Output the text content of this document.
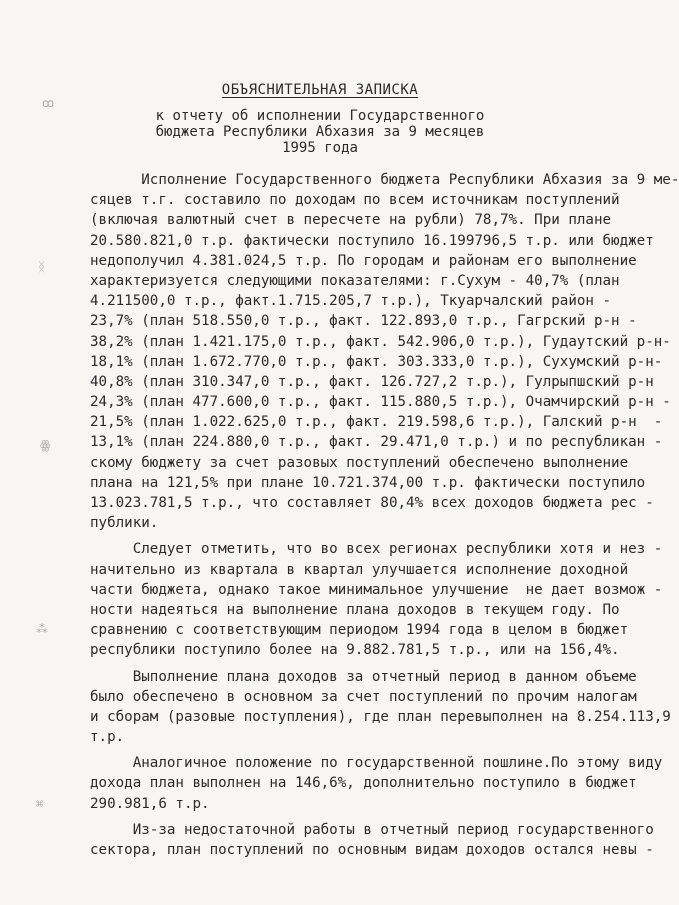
ꝏ
ᛝ
ꙮ
⁂
⌘
ОБЪЯСНИТЕЛЬНАЯ ЗАПИСКА
к отчету об исполнении Государственного
бюджета Республики Абхазия за 9 месяцев
1995 года
Исполнение Государственного бюджета Республики Абхазия за 9 ме-
сяцев т.г. составило по доходам по всем источникам поступлений
(включая валютный счет в пересчете на рубли) 78,7%. При плане
20.580.821,0 т.р. фактически поступило 16.199796,5 т.р. или бюджет
недополучил 4.381.024,5 т.р. По городам и районам его выполнение
характеризуется следующими показателями: г.Сухум - 40,7% (план
4.211500,0 т.р., факт.1.715.205,7 т.р.), Ткуарчалский район -
23,7% (план 518.550,0 т.р., факт. 122.893,0 т.р., Гагрский р-н -
38,2% (план 1.421.175,0 т.р., факт. 542.906,0 т.р.), Гудаутский р-н-
18,1% (план 1.672.770,0 т.р., факт. 303.333,0 т.р.), Сухумский р-н-
40,8% (план 310.347,0 т.р., факт. 126.727,2 т.р.), Гулрыпшский р-н
24,3% (план 477.600,0 т.р., факт. 115.880,5 т.р.), Очамчирский р-н -
21,5% (план 1.022.625,0 т.р., факт. 219.598,6 т.р.), Галский р-н  -
13,1% (план 224.880,0 т.р., факт. 29.471,0 т.р.) и по республикан -
скому бюджету за счет разовых поступлений обеспечено выполнение
плана на 121,5% при плане 10.721.374,00 т.р. фактически поступило
13.023.781,5 т.р., что составляет 80,4% всех доходов бюджета рес -
публики.
Следует отметить, что во всех регионах республики хотя и нез -
начительно из квартала в квартал улучшается исполнение доходной
части бюджета, однако такое минимальное улучшение  не дает возмож -
ности надеяться на выполнение плана доходов в текущем году. По
сравнению с соответствующим периодом 1994 года в целом в бюджет
республики поступило более на 9.882.781,5 т.р., или на 156,4%.
Выполнение плана доходов за отчетный период в данном объеме
было обеспечено в основном за счет поступлений по прочим налогам
и сборам (разовые поступления), где план перевыполнен на 8.254.113,9
т.р.
Аналогичное положение по государственной пошлине.По этому виду
дохода план выполнен на 146,6%, дополнительно поступило в бюджет
290.981,6 т.р.
Из-за недостаточной работы в отчетный период государственного
сектора, план поступлений по основным видам доходов остался невы -
